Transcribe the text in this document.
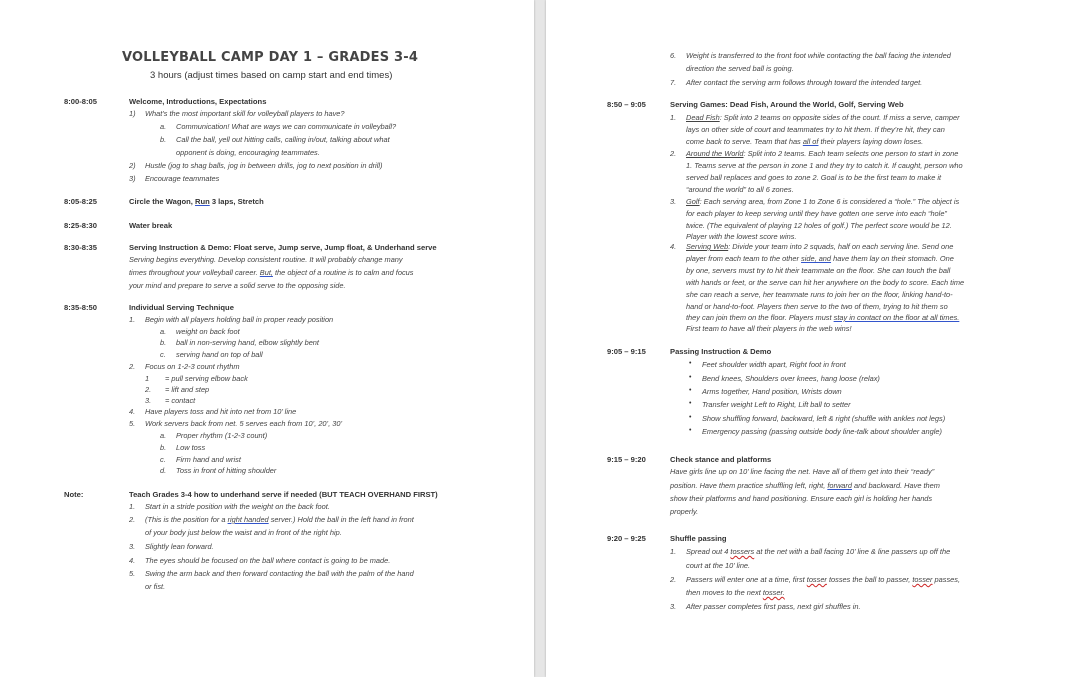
VOLLEYBALL CAMP DAY 1 – GRADES 3-4
3 hours (adjust times based on camp start and end times)
8:00-8:05	Welcome, Introductions, Expectations
1) What’s the most important skill for volleyball players to have?
a. Communication! What are ways we can communicate in volleyball?
b. Call the ball, yell out hitting calls, calling in/out, talking about what
opponent is doing, encouraging teammates.
2) Hustle (jog to shag balls, jog in between drills, jog to next position in drill)
3) Encourage teammates
8:05-8:25	Circle the Wagon, Run 3 laps, Stretch
8:25-8:30	Water break
8:30-8:35	Serving Instruction & Demo: Float serve, Jump serve, Jump float, & Underhand serve
Serving begins everything. Develop consistent routine. It will probably change many
times throughout your volleyball career. But, the object of a routine is to calm and focus
your mind and prepare to serve a solid serve to the opposing side.
8:35-8:50	Individual Serving Technique
1. Begin with all players holding ball in proper ready position
a. weight on back foot
b. ball in non-serving hand, elbow slightly bent
c. serving hand on top of ball
2. Focus on 1-2-3 count rhythm
1 = pull serving elbow back
2. = lift and step
3. = contact
4. Have players toss and hit into net from 10’ line
5. Work servers back from net. 5 serves each from 10’, 20’, 30’
a. Proper rhythm (1-2-3 count)
b. Low toss
c. Firm hand and wrist
d. Toss in front of hitting shoulder
Note:	Teach Grades 3-4 how to underhand serve if needed (BUT TEACH OVERHAND FIRST)
1. Start in a stride position with the weight on the back foot.
2. (This is the position for a right handed server.) Hold the ball in the left hand in front
of your body just below the waist and in front of the right hip.
3. Slightly lean forward.
4. The eyes should be focused on the ball where contact is going to be made.
5. Swing the arm back and then forward contacting the ball with the palm of the hand
or fist.
6. Weight is transferred to the front foot while contacting the ball facing the intended
direction the served ball is going.
7. After contact the serving arm follows through toward the intended target.
8:50 – 9:05	Serving Games: Dead Fish, Around the World, Golf, Serving Web
1. Dead Fish: Split into 2 teams on opposite sides of the court. If miss a serve, camper
lays on other side of court and teammates try to hit them. If they’re hit, they can
come back to serve. Team that has all of their players laying down loses.
2. Around the World: Split into 2 teams. Each team selects one person to start in zone
1. Teams serve at the person in zone 1 and they try to catch it. If caught, person who
served ball replaces and goes to zone 2. Goal is to be the first team to make it
“around the world” to all 6 zones.
3. Golf: Each serving area, from Zone 1 to Zone 6 is considered a “hole.” The object is
for each player to keep serving until they have gotten one serve into each “hole”
twice. (The equivalent of playing 12 holes of golf.) The perfect score would be 12.
Player with the lowest score wins.
4. Serving Web: Divide your team into 2 squads, half on each serving line. Send one
player from each team to the other side, and have them lay on their stomach. One
by one, servers must try to hit their teammate on the floor. She can touch the ball
with hands or feet, or the serve can hit her anywhere on the body to score. Each time
she can reach a serve, her teammate runs to join her on the floor, linking hand-to-
hand or hand-to-foot. Players then serve to the two of them, trying to hit them so
they can join them on the floor. Players must stay in contact on the floor at all times.
First team to have all their players in the web wins!
9:05 – 9:15	Passing Instruction & Demo
• Feet shoulder width apart, Right foot in front
• Bend knees, Shoulders over knees, hang loose (relax)
• Arms together, Hand position, Wrists down
• Transfer weight Left to Right, Lift ball to setter
• Show shuffling forward, backward, left & right (shuffle with ankles not legs)
• Emergency passing (passing outside body line-talk about shoulder angle)
9:15 – 9:20	Check stance and platforms
Have girls line up on 10’ line facing the net. Have all of them get into their “ready”
position. Have them practice shuffling left, right, forward and backward. Have them
show their platforms and hand positioning. Ensure each girl is holding her hands
properly.
9:20 – 9:25	Shuffle passing
1. Spread out 4 tossers at the net with a ball facing 10’ line & line passers up off the
court at the 10’ line.
2. Passers will enter one at a time, first tosser tosses the ball to passer, tosser passes,
then moves to the next tosser.
3. After passer completes first pass, next girl shuffles in.
